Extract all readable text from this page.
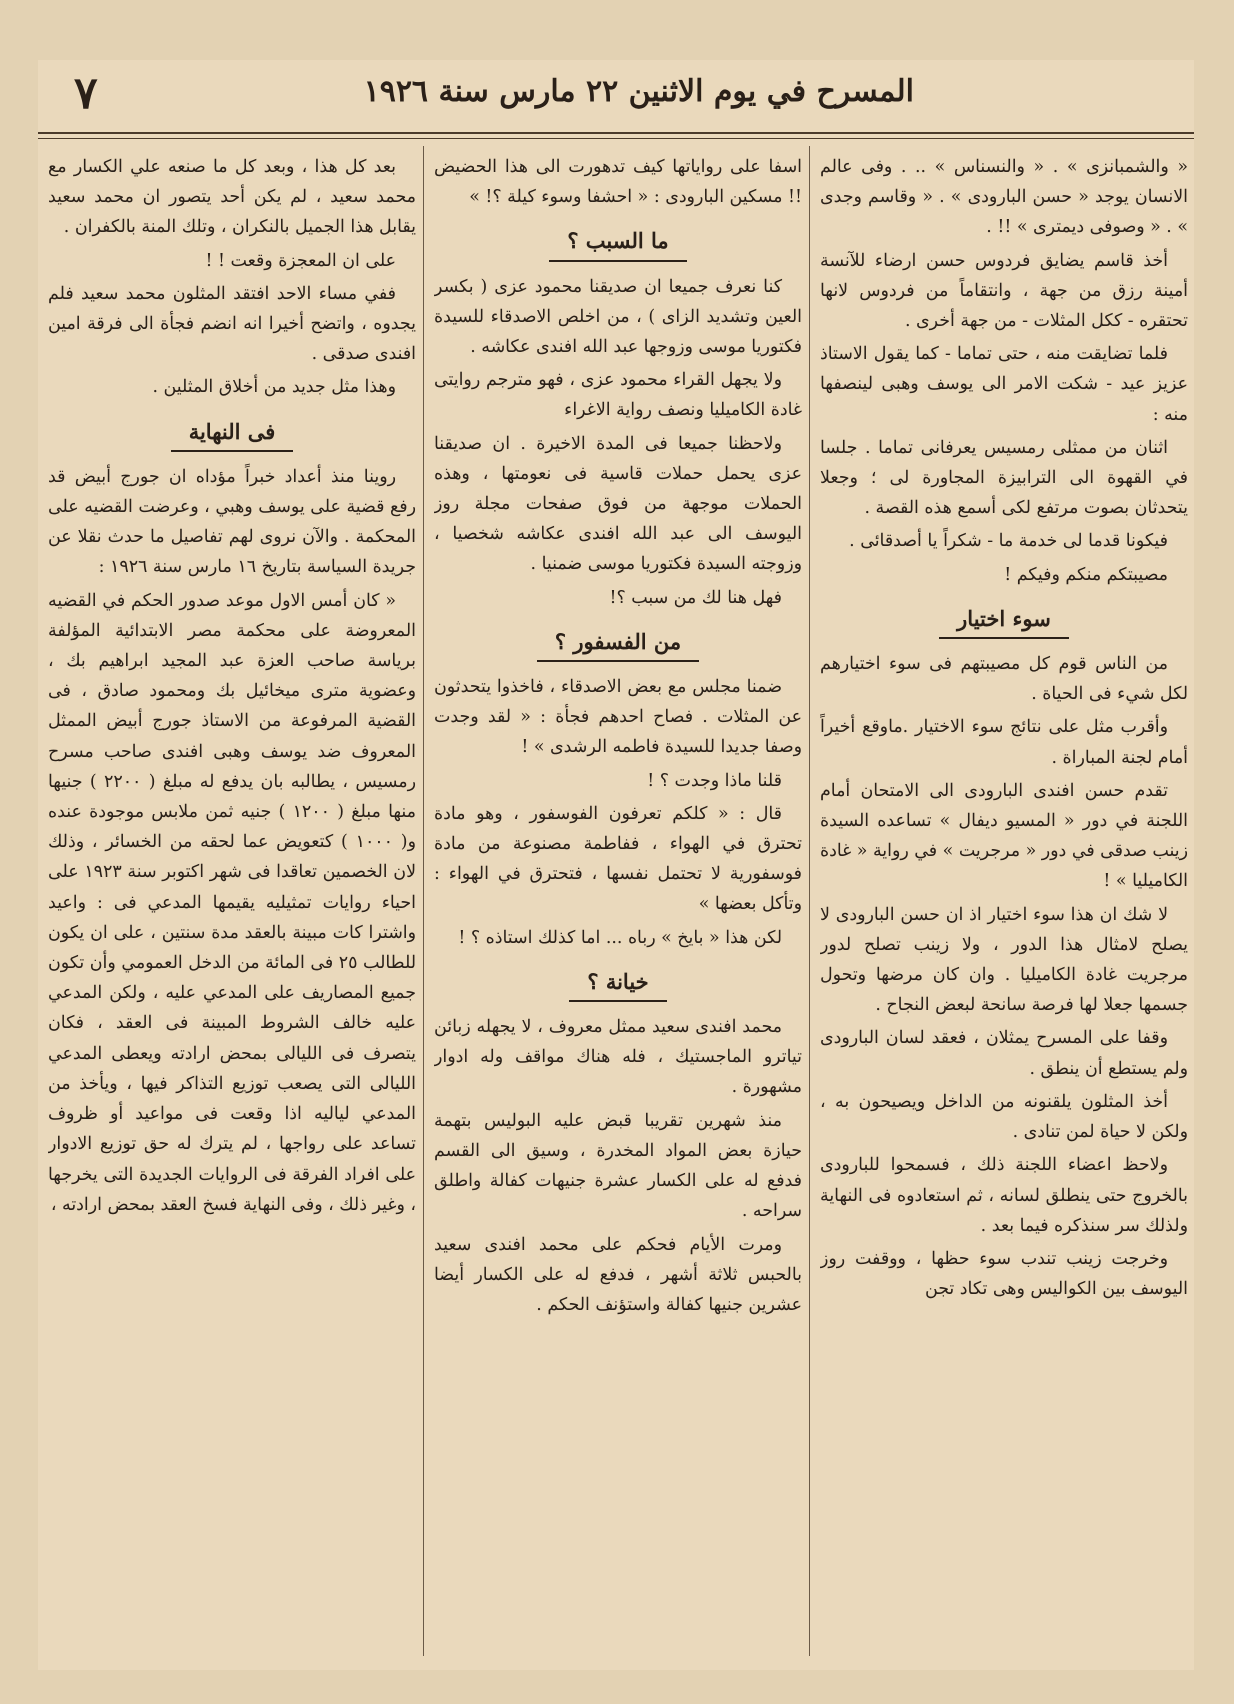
المسرح في يوم الاثنين ٢٢ مارس سنة ١٩٢٦
٧

« والشمبانزى » . « والنسناس » .. . وفى عالم الانسان يوجد « حسن البارودى » . « وقاسم وجدى » . « وصوفى ديمترى » !! .

أخذ قاسم يضايق فردوس حسن ارضاء للآنسة أمينة رزق من جهة ، وانتقاماً من فردوس لانها تحتقره - ككل المثلات - من جهة أخرى .

فلما تضايقت منه ، حتى تماما - كما يقول الاستاذ عزيز عيد - شكت الامر الى يوسف وهبى لينصفها منه :

اثنان من ممثلى رمسيس يعرفانى تماما . جلسا في القهوة الى الترابيزة المجاورة لى ؛ وجعلا يتحدثان بصوت مرتفع لكى أسمع هذه القصة .

فيكونا قدما لى خدمة ما - شكراً يا أصدقائى .

مصيبتكم منكم وفيكم !

سوء اختيار

من الناس قوم كل مصيبتهم فى سوء اختيارهم لكل شيء فى الحياة .

وأقرب مثل على نتائج سوء الاختيار .ماوقع أخيراً أمام لجنة المباراة .

تقدم حسن افندى البارودى الى الامتحان أمام اللجنة في دور « المسيو ديفال » تساعده السيدة زينب صدقى في دور « مرجريت » في رواية « غادة الكاميليا » !

لا شك ان هذا سوء اختيار اذ ان حسن البارودى لا يصلح لامثال هذا الدور ، ولا زينب تصلح لدور مرجريت غادة الكاميليا . وان كان مرضها وتحول جسمها جعلا لها فرصة سانحة لبعض النجاح .

وقفا على المسرح يمثلان ، فعقد لسان البارودى ولم يستطع أن ينطق .

أخذ المثلون يلقنونه من الداخل ويصيحون به ، ولكن لا حياة لمن تنادى .

ولاحظ اعضاء اللجنة ذلك ، فسمحوا للبارودى بالخروج حتى ينطلق لسانه ، ثم استعادوه فى النهاية ولذلك سر سنذكره فيما بعد .

وخرجت زينب تندب سوء حظها ، ووقفت روز اليوسف بين الكواليس وهى تكاد تجن

اسفا على رواياتها كيف تدهورت الى هذا الحضيض !! مسكين البارودى : « احشفا وسوء كيلة ؟! »

ما السبب ؟

كنا نعرف جميعا ان صديقنا محمود عزى ( بكسر العين وتشديد الزاى ) ، من اخلص الاصدقاء للسيدة فكتوريا موسى وزوجها عبد الله افندى عكاشه .

ولا يجهل القراء محمود عزى ، فهو مترجم روايتى غادة الكاميليا ونصف رواية الاغراء

ولاحظنا جميعا فى المدة الاخيرة . ان صديقنا عزى يحمل حملات قاسية فى نعومتها ، وهذه الحملات موجهة من فوق صفحات مجلة روز اليوسف الى عبد الله افندى عكاشه شخصيا ، وزوجته السيدة فكتوريا موسى ضمنيا .

فهل هنا لك من سبب ؟!

من الفسفور ؟

ضمنا مجلس مع بعض الاصدقاء ، فاخذوا يتحدثون عن المثلات . فصاح احدهم فجأة : « لقد وجدت وصفا جديدا للسيدة فاطمه الرشدى » !

قلنا ماذا وجدت ؟ !

قال : « كلكم تعرفون الفوسفور ، وهو مادة تحترق في الهواء ، ففاطمة مصنوعة من مادة فوسفورية لا تحتمل نفسها ، فتحترق في الهواء : وتأكل بعضها »

لكن هذا « بايخ » رباه ... اما كذلك استاذه ؟ !

خيانة ؟

محمد افندى سعيد ممثل معروف ، لا يجهله زبائن تياترو الماجستيك ، فله هناك مواقف وله ادوار مشهورة .

منذ شهرين تقريبا قبض عليه البوليس بتهمة حيازة بعض المواد المخدرة ، وسيق الى القسم فدفع له على الكسار عشرة جنيهات كفالة واطلق سراحه .

ومرت الأيام فحكم على محمد افندى سعيد بالحبس ثلاثة أشهر ، فدفع له على الكسار أيضا عشرين جنيها كفالة واستؤنف الحكم .

بعد كل هذا ، وبعد كل ما صنعه علي الكسار مع محمد سعيد ، لم يكن أحد يتصور ان محمد سعيد يقابل هذا الجميل بالنكران ، وتلك المنة بالكفران .

على ان المعجزة وقعت ! !

ففي مساء الاحد افتقد المثلون محمد سعيد فلم يجدوه ، واتضح أخيرا انه انضم فجأة الى فرقة امين افندى صدقى .

وهذا مثل جديد من أخلاق المثلين .

فى النهاية

روينا منذ أعداد خبراً مؤداه ان جورج أبيض قد رفع قضية على يوسف وهبي ، وعرضت القضيه على المحكمة . والآن نروى لهم تفاصيل ما حدث نقلا عن جريدة السياسة بتاريخ ١٦ مارس سنة ١٩٢٦ :

« كان أمس الاول موعد صدور الحكم في القضيه المعروضة على محكمة مصر الابتدائية المؤلفة برياسة صاحب العزة عبد المجيد ابراهيم بك ، وعضوية مترى ميخائيل بك ومحمود صادق ، فى القضية المرفوعة من الاستاذ جورج أبيض الممثل المعروف ضد يوسف وهبى افندى صاحب مسرح رمسيس ، يطالبه بان يدفع له مبلغ ( ٢٢٠٠ ) جنيها منها مبلغ ( ١٢٠٠ ) جنيه ثمن ملابس موجودة عنده و( ١٠٠٠ ) كتعويض عما لحقه من الخسائر ، وذلك لان الخصمين تعاقدا فى شهر اكتوبر سنة ١٩٢٣ على احياء روايات تمثيليه يقيمها المدعي فى : واعيد واشترا كات مبينة بالعقد مدة سنتين ، على ان يكون للطالب ٢٥ فى المائة من الدخل العمومي وأن تكون جميع المصاريف على المدعي عليه ، ولكن المدعي عليه خالف الشروط المبينة فى العقد ، فكان يتصرف فى الليالى بمحض ارادته ويعطى المدعي الليالى التى يصعب توزيع التذاكر فيها ، ويأخذ من المدعي لياليه اذا وقعت فى مواعيد أو ظروف تساعد على رواجها ، لم يترك له حق توزيع الادوار على افراد الفرقة فى الروايات الجديدة التى يخرجها ، وغير ذلك ، وفى النهاية فسخ العقد بمحض ارادته ،
